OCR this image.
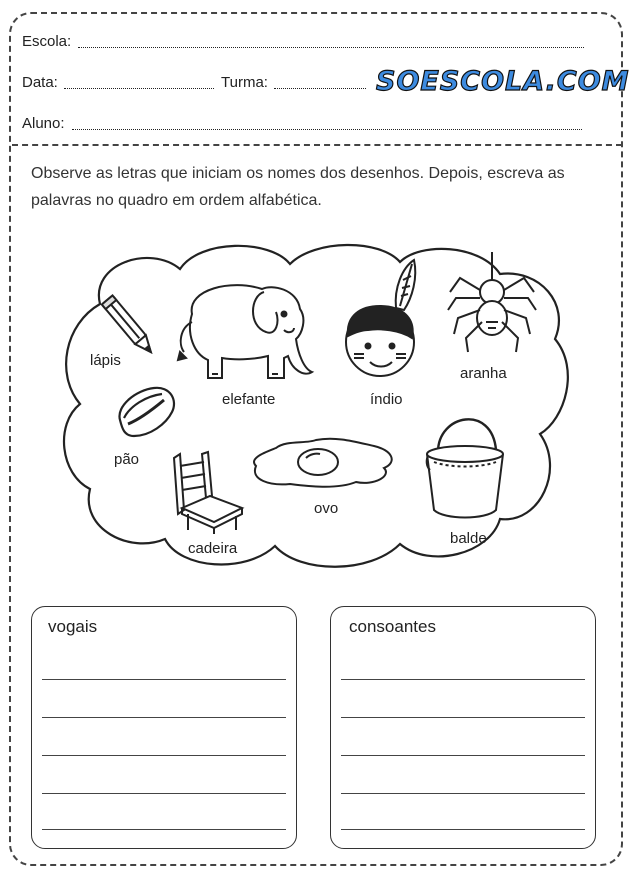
Escola:
Data:	Turma:	SOESCOLA.COM
Aluno:
Observe as letras que iniciam os nomes dos desenhos. Depois, escreva as palavras no quadro em ordem alfabética.
lápis
elefante	índio
aranha
pão
cadeira
ovo
balde
vogais	consoantes
